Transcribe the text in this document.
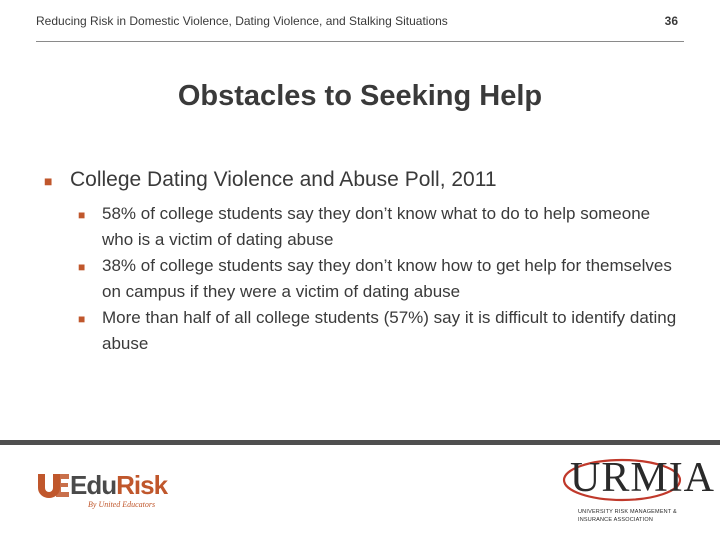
Reducing Risk in Domestic Violence, Dating Violence, and Stalking Situations	36
Obstacles to Seeking Help
■ College Dating Violence and Abuse Poll, 2011
■ 58% of college students say they don’t know what to do to help someone who is a victim of dating abuse
■ 38% of college students say they don’t know how to get help for themselves on campus if they were a victim of dating abuse
■ More than half of all college students (57%) say it is difficult to identify dating abuse
EduRisk
By United Educators
URMIA
UNIVERSITY RISK MANAGEMENT &
INSURANCE ASSOCIATION
